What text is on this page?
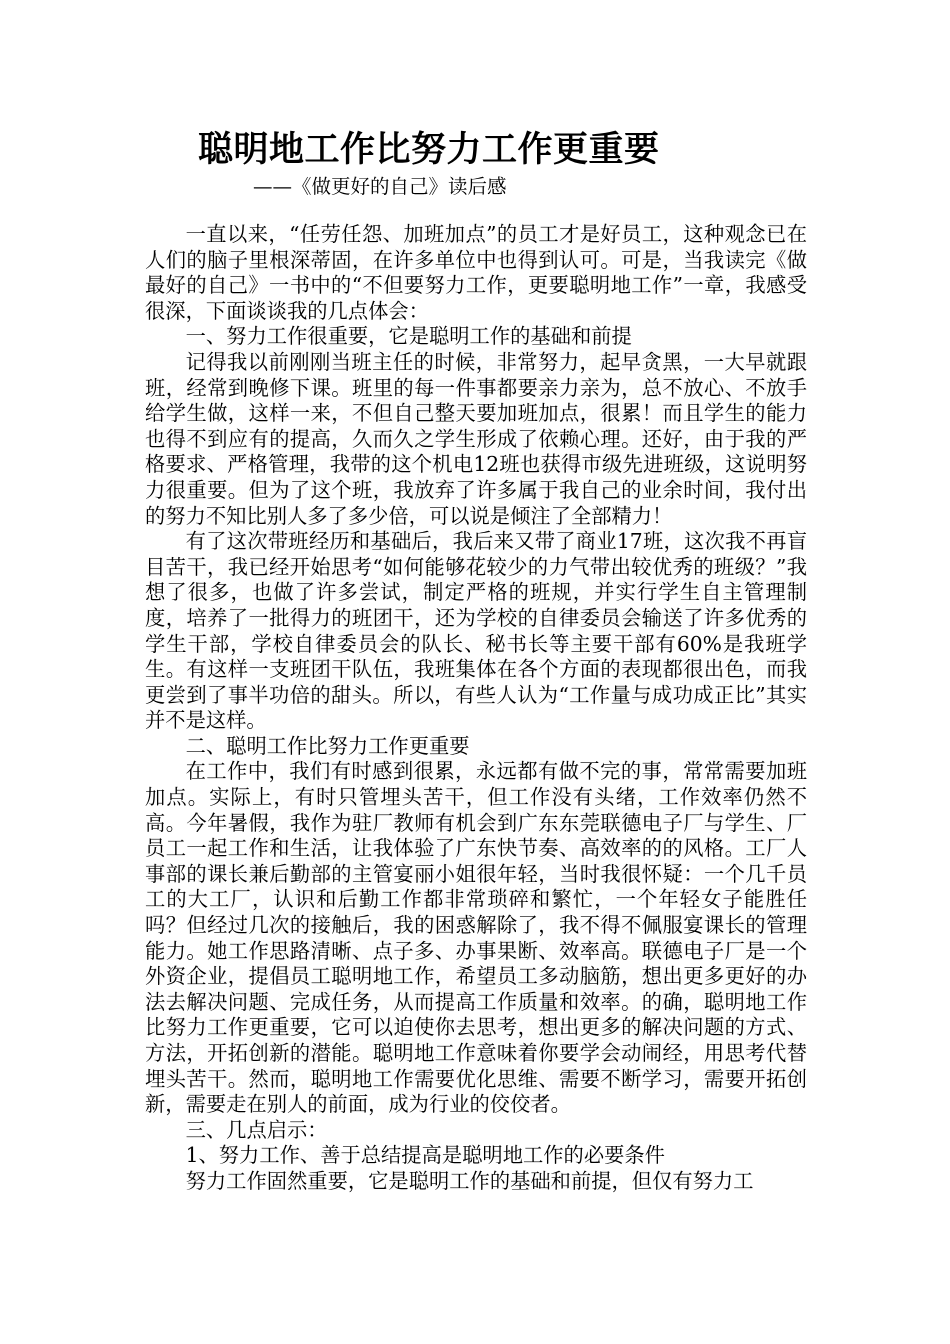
聪明地工作比努力工作更重要
——《做更好的自己》读后感

一直以来，“任劳任怨、加班加点”的员工才是好员工，这种观念已在人们的脑子里根深蒂固，在许多单位中也得到认可。可是，当我读完《做最好的自己》一书中的“不但要努力工作，更要聪明地工作”一章，我感受很深，下面谈谈我的几点体会：

一、努力工作很重要，它是聪明工作的基础和前提

记得我以前刚刚当班主任的时候，非常努力，起早贪黑，一大早就跟班，经常到晚修下课。班里的每一件事都要亲力亲为，总不放心、不放手给学生做，这样一来，不但自己整天要加班加点，很累！而且学生的能力也得不到应有的提高，久而久之学生形成了依赖心理。还好，由于我的严格要求、严格管理，我带的这个机电12班也获得市级先进班级，这说明努力很重要。但为了这个班，我放弃了许多属于我自己的业余时间，我付出的努力不知比别人多了多少倍，可以说是倾注了全部精力！

有了这次带班经历和基础后，我后来又带了商业17班，这次我不再盲目苦干，我已经开始思考“如何能够花较少的力气带出较优秀的班级？”我想了很多，也做了许多尝试，制定严格的班规，并实行学生自主管理制度，培养了一批得力的班团干，还为学校的自律委员会输送了许多优秀的学生干部，学校自律委员会的队长、秘书长等主要干部有60%是我班学生。有这样一支班团干队伍，我班集体在各个方面的表现都很出色，而我更尝到了事半功倍的甜头。所以，有些人认为“工作量与成功成正比”其实并不是这样。

二、聪明工作比努力工作更重要

在工作中，我们有时感到很累，永远都有做不完的事，常常需要加班加点。实际上，有时只管埋头苦干，但工作没有头绪，工作效率仍然不高。今年暑假，我作为驻厂教师有机会到广东东莞联德电子厂与学生、厂员工一起工作和生活，让我体验了广东快节奏、高效率的的风格。工厂人事部的课长兼后勤部的主管宴丽小姐很年轻，当时我很怀疑：一个几千员工的大工厂，认识和后勤工作都非常琐碎和繁忙，一个年轻女子能胜任吗？但经过几次的接触后，我的困惑解除了，我不得不佩服宴课长的管理能力。她工作思路清晰、点子多、办事果断、效率高。联德电子厂是一个外资企业，提倡员工聪明地工作，希望员工多动脑筋，想出更多更好的办法去解决问题、完成任务，从而提高工作质量和效率。的确，聪明地工作比努力工作更重要，它可以迫使你去思考，想出更多的解决问题的方式、方法，开拓创新的潜能。聪明地工作意味着你要学会动闹经，用思考代替埋头苦干。然而，聪明地工作需要优化思维、需要不断学习，需要开拓创新，需要走在别人的前面，成为行业的佼佼者。

三、几点启示：

1、努力工作、善于总结提高是聪明地工作的必要条件

努力工作固然重要，它是聪明工作的基础和前提，但仅有努力工
